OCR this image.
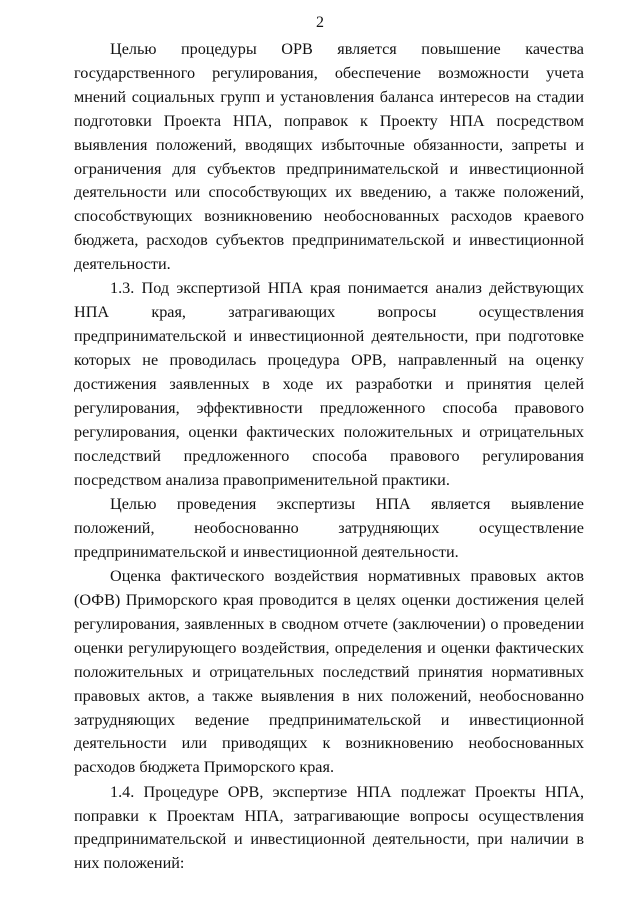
2

Целью процедуры ОРВ является повышение качества государственного регулирования, обеспечение возможности учета мнений социальных групп и установления баланса интересов на стадии подготовки Проекта НПА, поправок к Проекту НПА посредством выявления положений, вводящих избыточные обязанности, запреты и ограничения для субъектов предпринимательской и инвестиционной деятельности или способствующих их введению, а также положений, способствующих возникновению необоснованных расходов краевого бюджета, расходов субъектов предпринимательской и инвестиционной деятельности.

1.3. Под экспертизой НПА края понимается анализ действующих НПА края, затрагивающих вопросы осуществления предпринимательской и инвестиционной деятельности, при подготовке которых не проводилась процедура ОРВ, направленный на оценку достижения заявленных в ходе их разработки и принятия целей регулирования, эффективности предложенного способа правового регулирования, оценки фактических положительных и отрицательных последствий предложенного способа правового регулирования посредством анализа правоприменительной практики.

Целью проведения экспертизы НПА является выявление положений, необоснованно затрудняющих осуществление предпринимательской и инвестиционной деятельности.

Оценка фактического воздействия нормативных правовых актов (ОФВ) Приморского края проводится в целях оценки достижения целей регулирования, заявленных в сводном отчете (заключении) о проведении оценки регулирующего воздействия, определения и оценки фактических положительных и отрицательных последствий принятия нормативных правовых актов, а также выявления в них положений, необоснованно затрудняющих ведение предпринимательской и инвестиционной деятельности или приводящих к возникновению необоснованных расходов бюджета Приморского края.

1.4. Процедуре ОРВ, экспертизе НПА подлежат Проекты НПА, поправки к Проектам НПА, затрагивающие вопросы осуществления предпринимательской и инвестиционной деятельности, при наличии в них положений:
